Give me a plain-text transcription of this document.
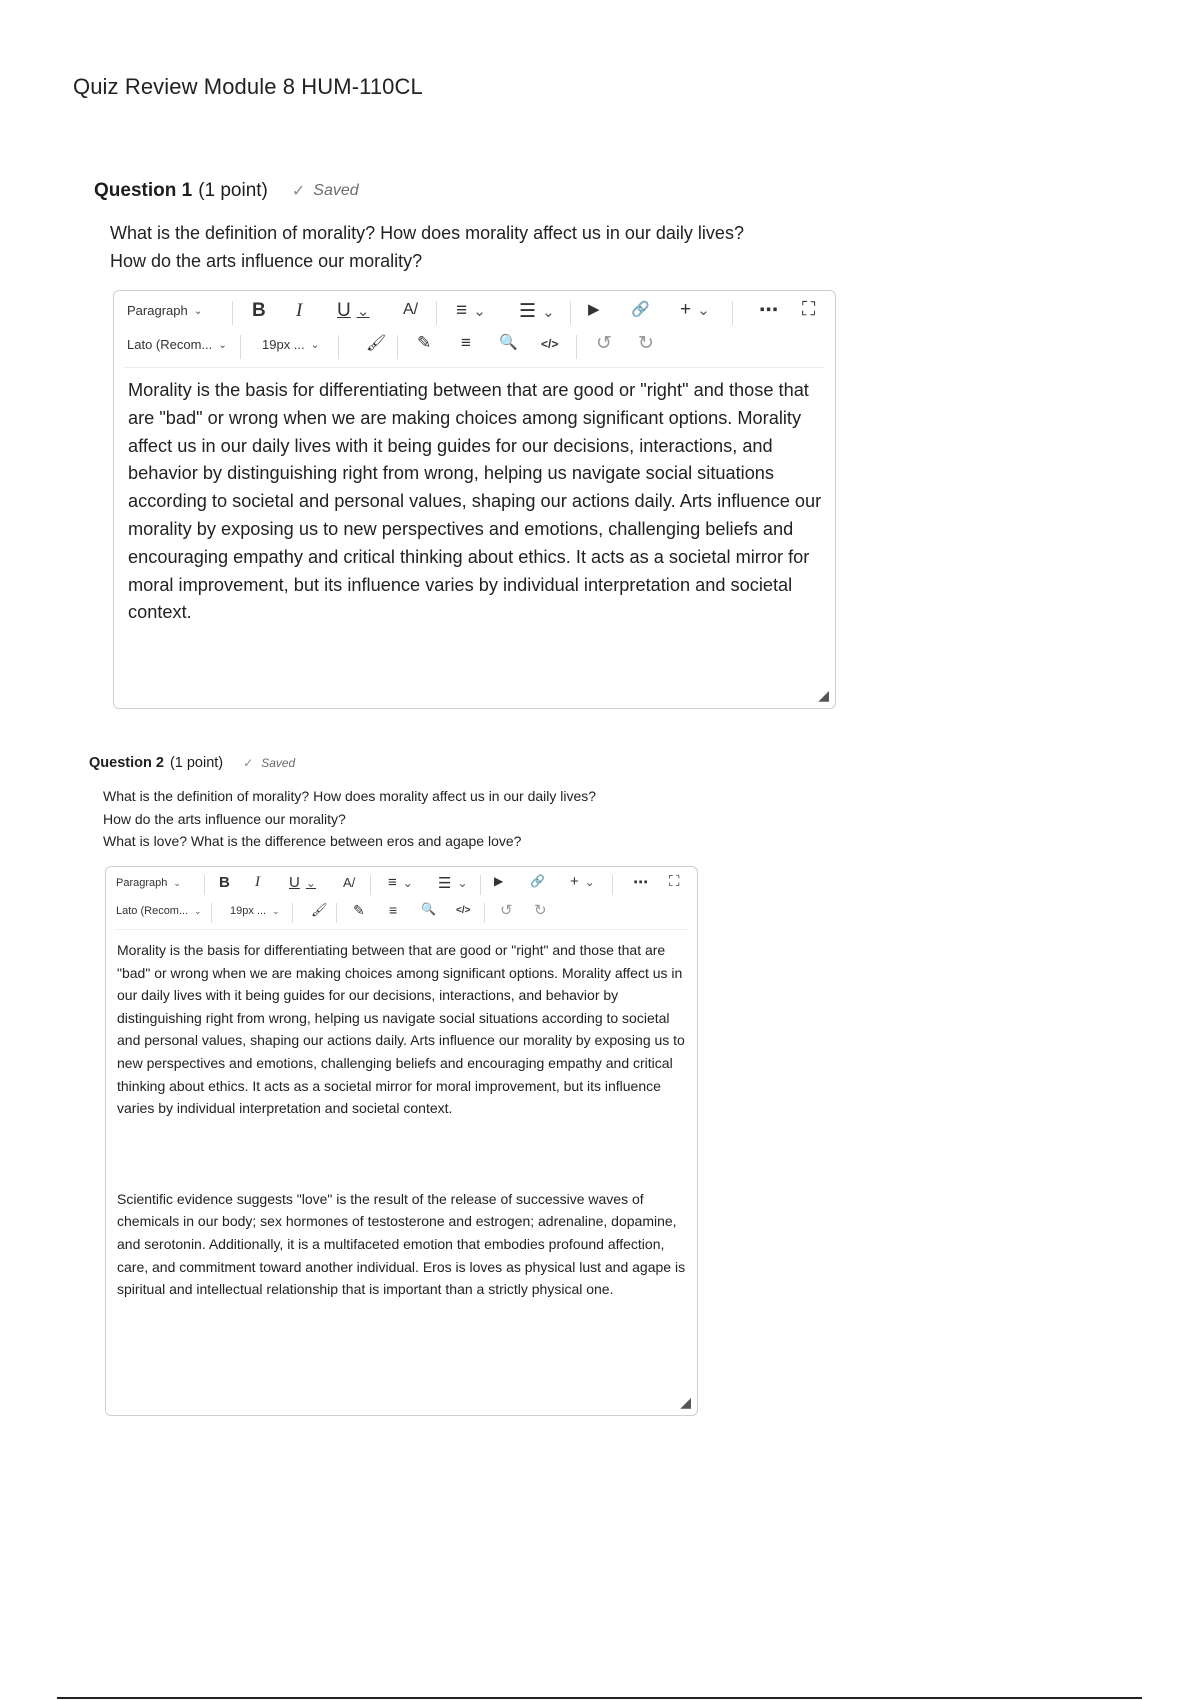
Quiz Review Module 8 HUM-110CL
Question 1 (1 point) ✓ Saved
What is the definition of morality? How does morality affect us in our daily lives?
How do the arts influence our morality?
Paragraph ⌄	B I U ⌄ A/ ≡ ⌄ ☰ ⌄ ▶︎ 🔗 + ⌄	⋯ ⛶
Lato (Recom... ⌄	19px ... ⌄	🖌 ✎ ≡ 🔍 </> ↺ ↻

Morality is the basis for differentiating between that are good or "right" and those that are "bad" or wrong when we are making choices among significant options. Morality affect us in our daily lives with it being guides for our decisions, interactions, and behavior by distinguishing right from wrong, helping us navigate social situations according to societal and personal values, shaping our actions daily. Arts influence our morality by exposing us to new perspectives and emotions, challenging beliefs and encouraging empathy and critical thinking about ethics. It acts as a societal mirror for moral improvement, but its influence varies by individual interpretation and societal context.

◢
Question 2 (1 point) ✓ Saved
What is the definition of morality? How does morality affect us in our daily lives?
How do the arts influence our morality?
What is love? What is the difference between eros and agape love?
Paragraph ⌄	B I U ⌄ A/ ≡ ⌄ ☰ ⌄ ▶︎ 🔗 + ⌄	⋯ ⛶
Lato (Recom... ⌄	19px ... ⌄ 🖌 ✎ ≡ 🔍 </> ↺ ↻

Morality is the basis for differentiating between that are good or "right" and those that are "bad" or wrong when we are making choices among significant options. Morality affect us in our daily lives with it being guides for our decisions, interactions, and behavior by distinguishing right from wrong, helping us navigate social situations according to societal and personal values, shaping our actions daily. Arts influence our morality by exposing us to new perspectives and emotions, challenging beliefs and encouraging empathy and critical thinking about ethics. It acts as a societal mirror for moral improvement, but its influence varies by individual interpretation and societal context.

Scientific evidence suggests "love" is the result of the release of successive waves of chemicals in our body; sex hormones of testosterone and estrogen; adrenaline, dopamine, and serotonin. Additionally, it is a multifaceted emotion that embodies profound affection, care, and commitment toward another individual. Eros is loves as physical lust and agape is spiritual and intellectual relationship that is important than a strictly physical one.

◢
